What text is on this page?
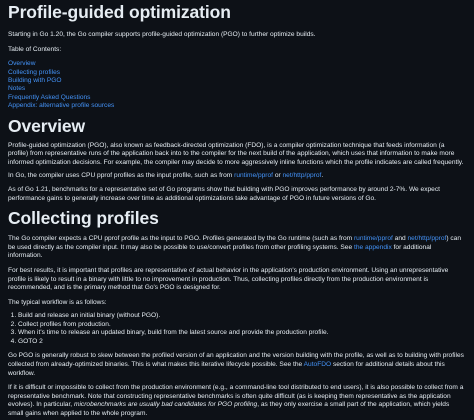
Profile-guided optimization

Starting in Go 1.20, the Go compiler supports profile-guided optimization (PGO) to further optimize builds.

Table of Contents:

Overview
Collecting profiles
Building with PGO
Notes
Frequently Asked Questions
Appendix: alternative profile sources
Overview

Profile-guided optimization (PGO), also known as feedback-directed optimization (FDO), is a compiler optimization technique that feeds information (a profile) from representative runs of the application back into to the compiler for the next build of the application, which uses that information to make more informed optimization decisions. For example, the compiler may decide to more aggressively inline functions which the profile indicates are called frequently.

In Go, the compiler uses CPU pprof profiles as the input profile, such as from runtime/pprof or net/http/pprof.

As of Go 1.21, benchmarks for a representative set of Go programs show that building with PGO improves performance by around 2-7%. We expect performance gains to generally increase over time as additional optimizations take advantage of PGO in future versions of Go.

Collecting profiles

The Go compiler expects a CPU pprof profile as the input to PGO. Profiles generated by the Go runtime (such as from runtime/pprof and net/http/pprof) can be used directly as the compiler input. It may also be possible to use/convert profiles from other profiling systems. See the appendix for additional information.

For best results, it is important that profiles are representative of actual behavior in the application's production environment. Using an unrepresentative profile is likely to result in a binary with little to no improvement in production. Thus, collecting profiles directly from the production environment is recommended, and is the primary method that Go's PGO is designed for.

The typical workflow is as follows:

1. Build and release an initial binary (without PGO).
2. Collect profiles from production.
3. When it's time to release an updated binary, build from the latest source and provide the production profile.
4. GOTO 2

Go PGO is generally robust to skew between the profiled version of an application and the version building with the profile, as well as to building with profiles collected from already-optimized binaries. This is what makes this iterative lifecycle possible. See the AutoFDO section for additional details about this workflow.

If it is difficult or impossible to collect from the production environment (e.g., a command-line tool distributed to end users), it is also possible to collect from a representative benchmark. Note that constructing representative benchmarks is often quite difficult (as is keeping them representative as the application evolves). In particular, microbenchmarks are usually bad candidates for PGO profiling, as they only exercise a small part of the application, which yields small gains when applied to the whole program.
